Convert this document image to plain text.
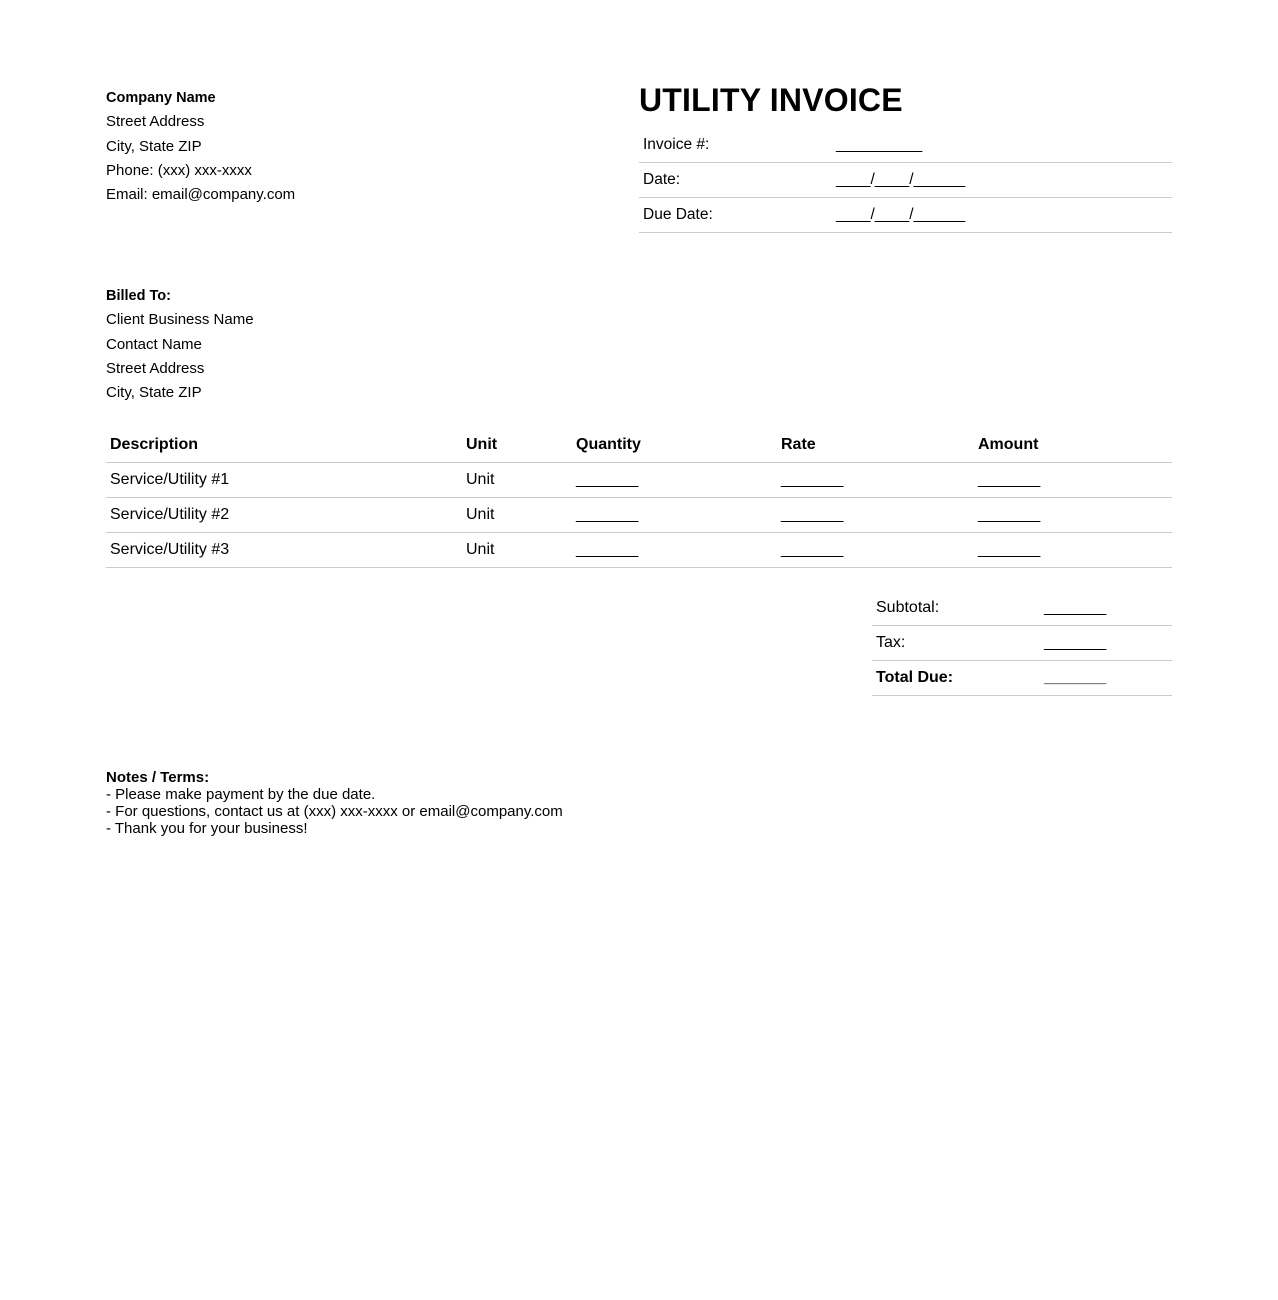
Company Name
Street Address
City, State ZIP
Phone: (xxx) xxx-xxxx
Email: email@company.com
UTILITY INVOICE
Invoice #:	__________
Date:	____/____/______
Due Date:	____/____/______
Billed To:
Client Business Name
Contact Name
Street Address
City, State ZIP
Description	Unit	Quantity	Rate	Amount
Service/Utility #1	Unit	_______	_______	_______
Service/Utility #2	Unit	_______	_______	_______
Service/Utility #3	Unit	_______	_______	_______
Subtotal:	_______
Tax:	_______
Total Due:	_______
Notes / Terms:
- Please make payment by the due date.
- For questions, contact us at (xxx) xxx-xxxx or email@company.com
- Thank you for your business!
